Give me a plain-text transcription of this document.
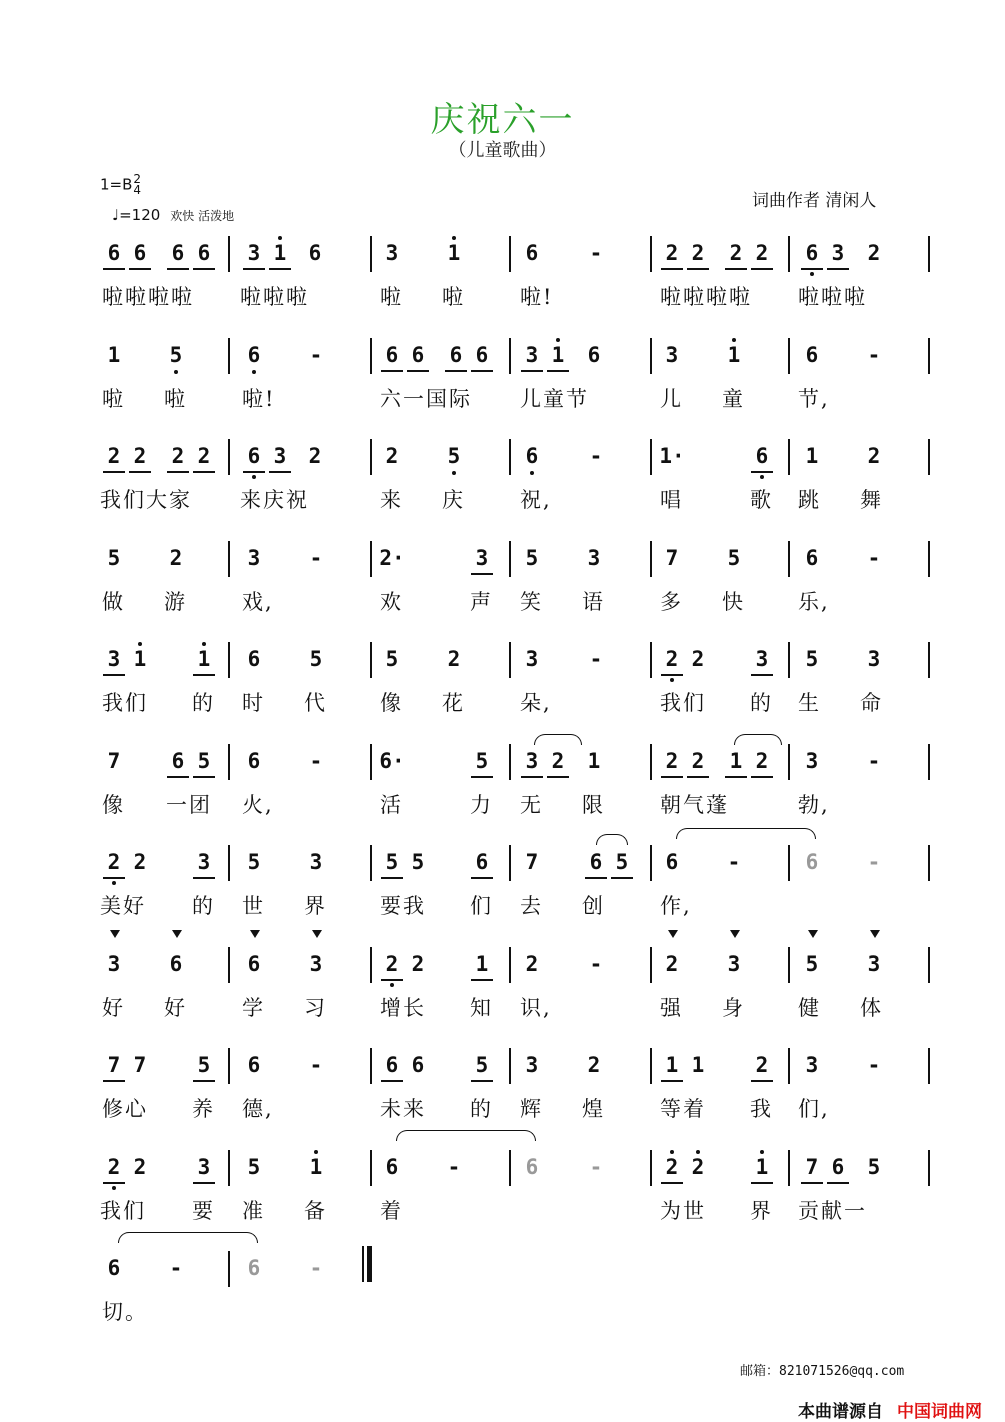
庆祝六一
（儿童歌曲）
1=B2
4
♩=120 欢快 活泼地
词曲作者 清闲人
6 6	6 6	3 1	6	3	1	6	-	2 2	2 2	6 3	2
啦啦啦啦 啦啦啦	啦 啦	啦!	啦啦啦啦 啦啦啦
1	5	6	-	6 6	6 6	3 1	6	3	1	6	-
啦 啦	啦!	六一国际 儿童节	儿 童	节,
2 2	2 2	6 3	2	2	5	6	-	1·	6	1	2
我们大家 来庆祝	来 庆	祝,	唱	歌 跳 舞
5	2	3	-	2·	3	5	3	7	5	6	-
做 游	戏,	欢	声 笑 语	多 快	乐,
3 1	1	6	5	5	2	3	-	2 2	3	5	3
我们 的 时 代	像 花	朵,	我们 的 生 命
7	6 5	6	-	6·	5	3 2	1	2 2	1 2	3	-
像 一团 火,	活	力 无 限	朝气蓬	勃,
2 2	3	5	3	5 5	6	7	6 5	6	-	6	-
美好 的 世 界	要我 们 去 创	作,
3	6	6	3	2 2	1	2	-	2	3	5	3
好 好	学 习	增长 知 识,	强 身	健 体
7 7	5	6	-	6 6	5	3	2	1 1	2	3	-
修心 养 德,	未来 的 辉 煌	等着 我 们,
2 2	3	5	1	6	-	6	-	2 2	1	7 6	5
我们 要 准 备	着	为世 界 贡献一
6	-	6	-
切。
邮箱：821071526@qq.com
本曲谱源自 中国词曲网
